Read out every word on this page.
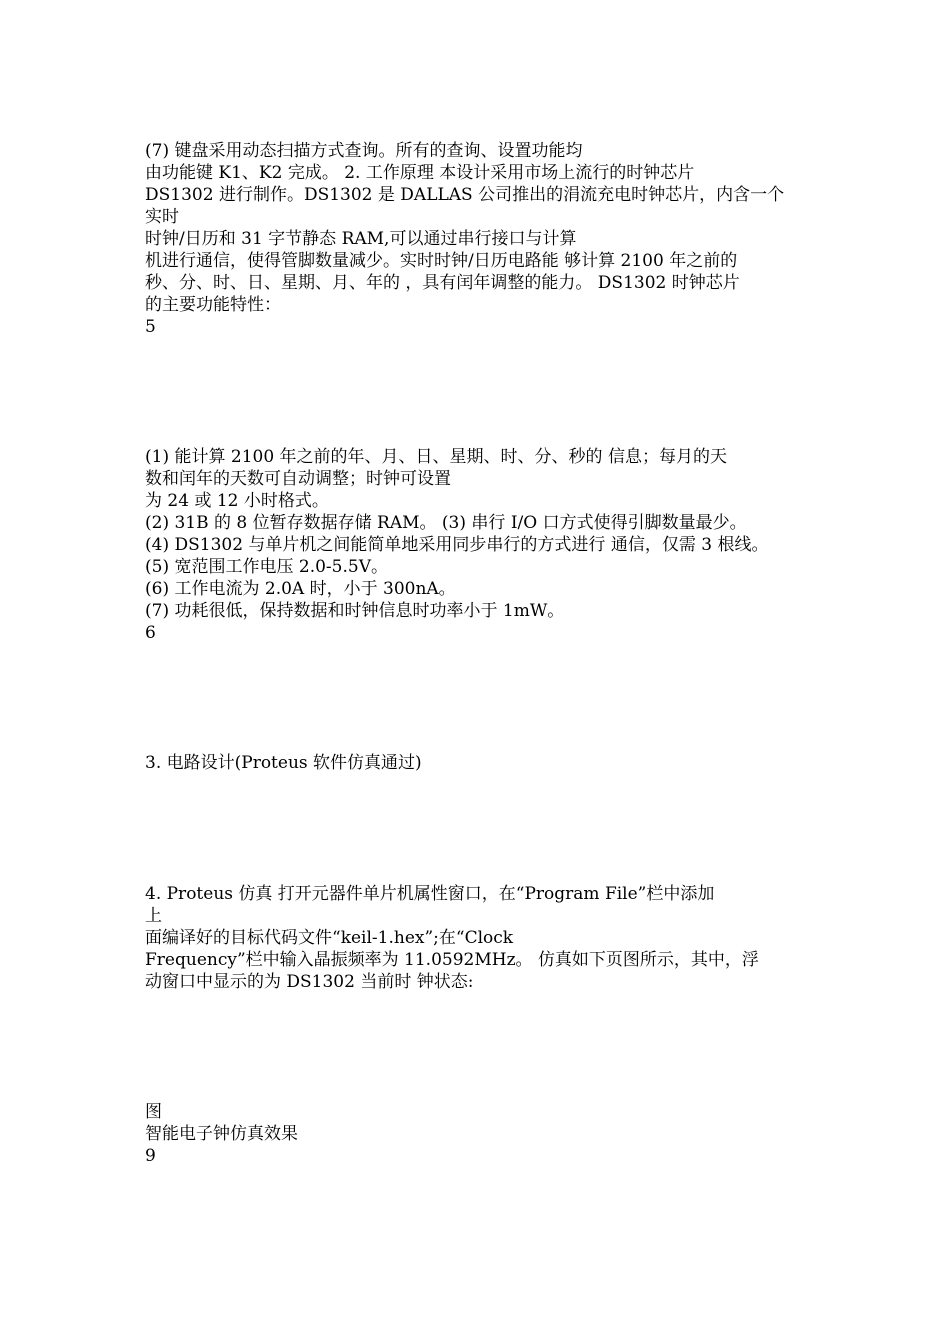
(7) 键盘采用动态扫描方式查询。所有的查询、设置功能均

由功能键 K1、K2 完成。 2. 工作原理 本设计采用市场上流行的时钟芯片

DS1302 进行制作。DS1302 是 DALLAS 公司推出的涓流充电时钟芯片，内含一个

实时

时钟/日历和 31 字节静态 RAM,可以通过串行接口与计算

机进行通信，使得管脚数量减少。实时时钟/日历电路能 够计算 2100 年之前的

秒、分、时、日、星期、月、年的 ，具有闰年调整的能力。 DS1302 时钟芯片

的主要功能特性：

5

(1) 能计算 2100 年之前的年、月、日、星期、时、分、秒的 信息；每月的天

数和闰年的天数可自动调整；时钟可设置

为 24 或 12 小时格式。

(2) 31B 的 8 位暂存数据存储 RAM。 (3) 串行 I/O 口方式使得引脚数量最少。

(4) DS1302 与单片机之间能简单地采用同步串行的方式进行 通信，仅需 3 根线。

(5) 宽范围工作电压 2.0-5.5V。

(6) 工作电流为 2.0A 时，小于 300nA。

(7) 功耗很低，保持数据和时钟信息时功率小于 1mW。

6

3. 电路设计(Proteus 软件仿真通过)

4. Proteus 仿真 打开元器件单片机属性窗口，在“Program File”栏中添加

上

面编译好的目标代码文件“keil-1.hex”;在“Clock

Frequency”栏中输入晶振频率为 11.0592MHz。 仿真如下页图所示，其中，浮

动窗口中显示的为 DS1302 当前时 钟状态:

图

智能电子钟仿真效果

9
